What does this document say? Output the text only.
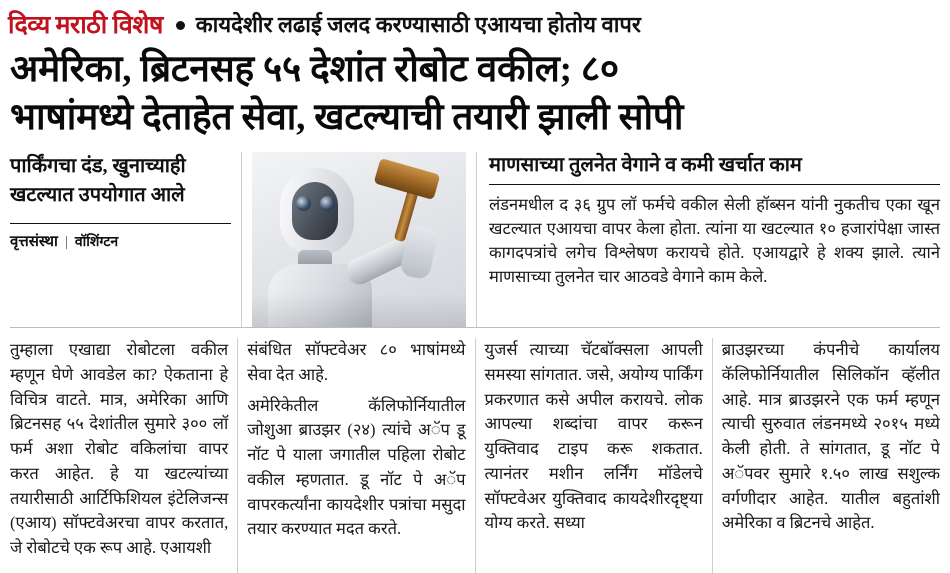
दिव्य मराठी विशेष कायदेशीर लढाई जलद करण्यासाठी एआयचा होतोय वापर
अमेरिका, ब्रिटनसह ५५ देशांत रोबोट वकील; ८०
भाषांमध्ये देताहेत सेवा, खटल्याची तयारी झाली सोपी
पार्किंगचा दंड, खुनाच्याही खटल्यात उपयोगात आले
वृत्तसंस्था | वॉशिंग्टन
माणसाच्या तुलनेत वेगाने व कमी खर्चात काम

लंडनमधील द ३६ ग्रुप लॉ फर्मचे वकील सेली हॉब्सन यांनी नुकतीच एका खून खटल्यात एआयचा वापर केला होता. त्यांना या खटल्यात १० हजारांपेक्षा जास्त कागदपत्रांचे लगेच विश्लेषण करायचे होते. एआयद्वारे हे शक्य झाले. त्याने माणसाच्या तुलनेत चार आठवडे वेगाने काम केले.

तुम्हाला एखाद्या रोबोटला वकील म्हणून घेणे आवडेल का? ऐकताना हे विचित्र वाटते. मात्र, अमेरिका आणि ब्रिटनसह ५५ देशांतील सुमारे ३०० लॉ फर्म अशा रोबोट वकिलांचा वापर करत आहेत. हे या खटल्यांच्या तयारीसाठी आर्टिफिशियल इंटेलिजन्स (एआय) सॉफ्टवेअरचा वापर करतात, जे रोबोटचे एक रूप आहे. एआयशी

संबंधित सॉफ्टवेअर ८० भाषांमध्ये सेवा देत आहे.

अमेरिकेतील कॅलिफोर्नियातील जोशुआ ब्राउझर (२४) त्यांचे अॅप डू नॉट पे याला जगातील पहिला रोबोट वकील म्हणतात. डू नॉट पे अॅप वापरकर्त्यांना कायदेशीर पत्रांचा मसुदा तयार करण्यात मदत करते.

युजर्स त्याच्या चॅटबॉक्सला आपली समस्या सांगतात. जसे, अयोग्य पार्किंग प्रकरणात कसे अपील करायचे. लोक आपल्या शब्दांचा वापर करून युक्तिवाद टाइप करू शकतात. त्यानंतर मशीन लर्निंग मॉडेलचे सॉफ्टवेअर युक्तिवाद कायदेशीरदृष्ट्या योग्य करते. सध्या

ब्राउझरच्या कंपनीचे कार्यालय कॅलिफोर्नियातील सिलिकॉन व्हॅलीत आहे. मात्र ब्राउझरने एक फर्म म्हणून त्याची सुरुवात लंडनमध्ये २०१५ मध्ये केली होती. ते सांगतात, डू नॉट पे अॅपवर सुमारे १.५० लाख सशुल्क वर्गणीदार आहेत. यातील बहुतांशी अमेरिका व ब्रिटनचे आहेत.
